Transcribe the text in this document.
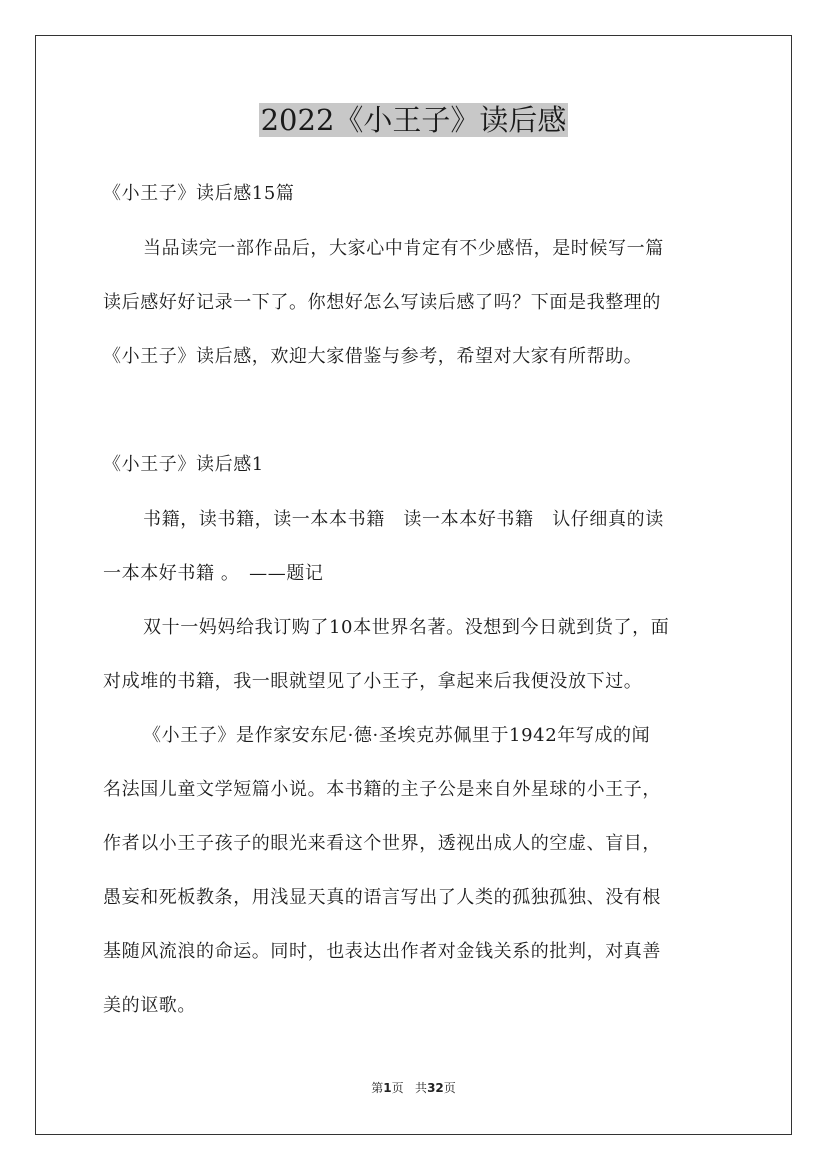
2022《小王子》读后感
《小王子》读后感15篇
当品读完一部作品后，大家心中肯定有不少感悟，是时候写一篇
读后感好好记录一下了。你想好怎么写读后感了吗？下面是我整理的
《小王子》读后感，欢迎大家借鉴与参考，希望对大家有所帮助。
《小王子》读后感1
书籍，读书籍，读一本本书籍　读一本本好书籍　认仔细真的读
一本本好书籍 。　——题记
双十一妈妈给我订购了10本世界名著。没想到今日就到货了，面
对成堆的书籍，我一眼就望见了小王子，拿起来后我便没放下过。
《小王子》是作家安东尼·德·圣埃克苏佩里于1942年写成的闻
名法国儿童文学短篇小说。本书籍的主子公是来自外星球的小王子，
作者以小王子孩子的眼光来看这个世界，透视出成人的空虚、盲目，
愚妄和死板教条，用浅显天真的语言写出了人类的孤独孤独、没有根
基随风流浪的命运。同时，也表达出作者对金钱关系的批判，对真善
美的讴歌。
第1页 共32页
